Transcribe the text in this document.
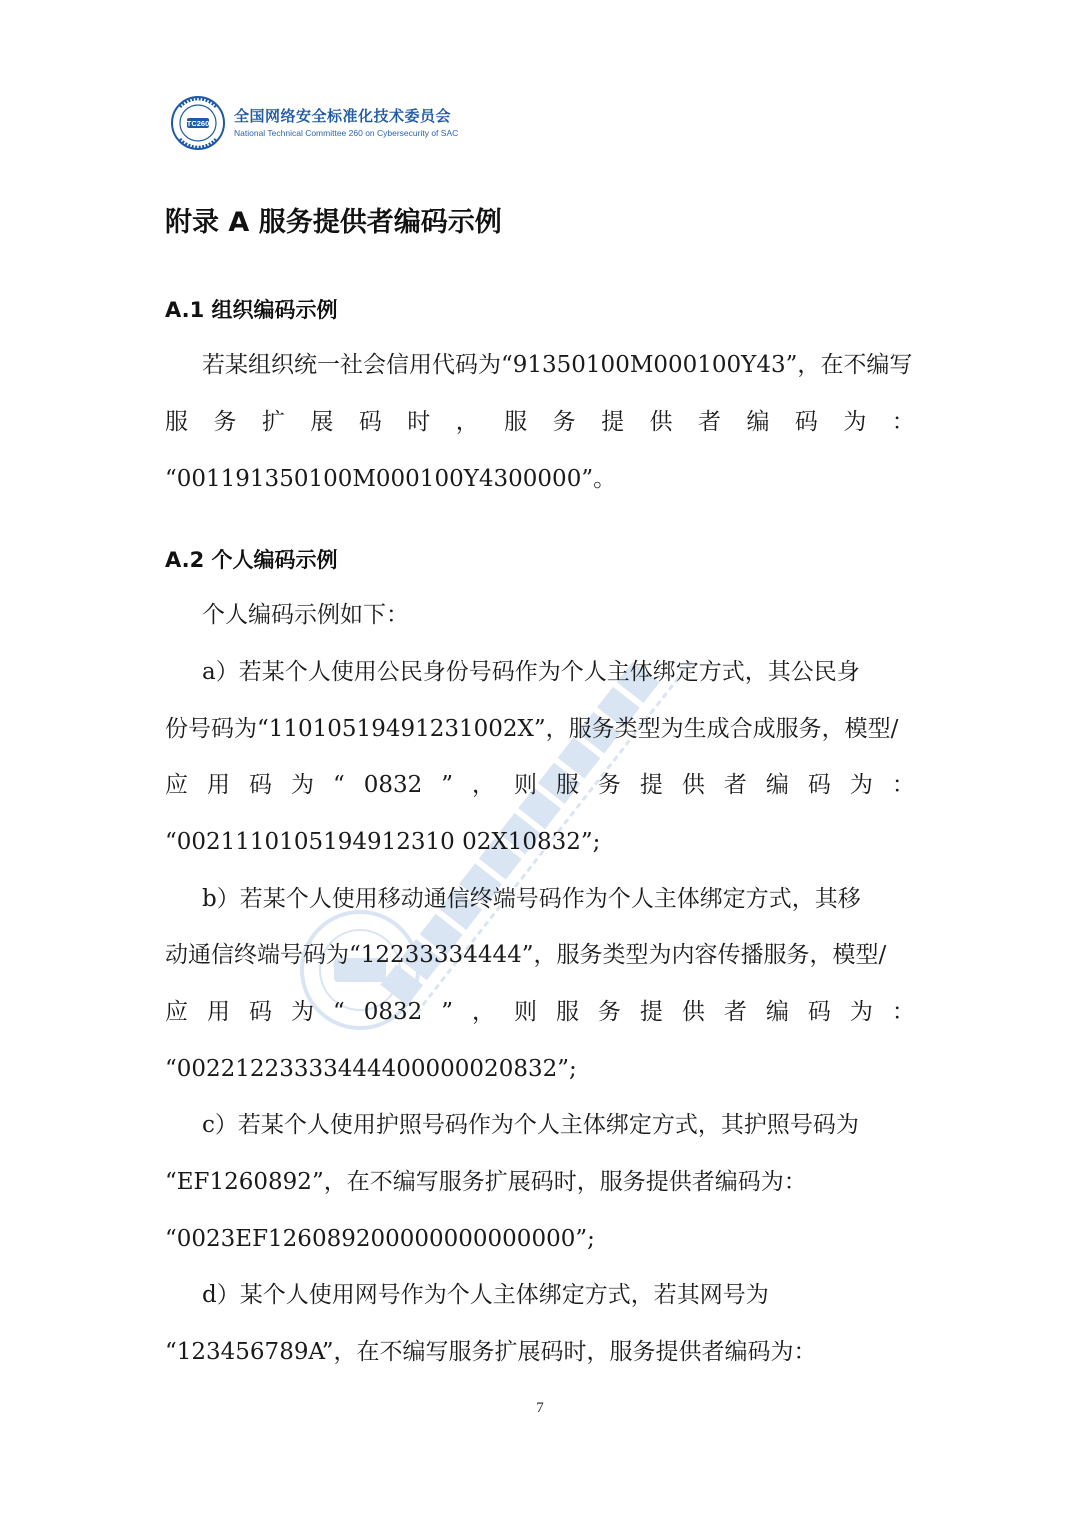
TC260 全国网络安全标准化技术委员会
National Technical Committee 260 on Cybersecurity of SAC
附录 A 服务提供者编码示例
A.1 组织编码示例
若某组织统一社会信用代码为“91350100M000100Y43”，在不编写
服 务 扩 展 码 时 ， 服 务 提 供 者 编 码 为 ：
“001191350100M000100Y4300000”。
A.2 个人编码示例
个人编码示例如下：
a）若某个人使用公民身份号码作为个人主体绑定方式，其公民身
份号码为“11010519491231002X”，服务类型为生成合成服务，模型/
应 用 码 为 “ 0832 ” ， 则 服 务 提 供 者 编 码 为 ：
“0021110105194912310 02X10832”;
b）若某个人使用移动通信终端号码作为个人主体绑定方式，其移
动通信终端号码为“12233334444”，服务类型为内容传播服务，模型/
应 用 码 为 “ 0832 ” ， 则 服 务 提 供 者 编 码 为 ：
“00221223333444400000020832”;
c）若某个人使用护照号码作为个人主体绑定方式，其护照号码为
“EF1260892”，在不编写服务扩展码时，服务提供者编码为：
“0023EF126089200000000000000”;
d）某个人使用网号作为个人主体绑定方式，若其网号为
“123456789A”，在不编写服务扩展码时，服务提供者编码为：
7
